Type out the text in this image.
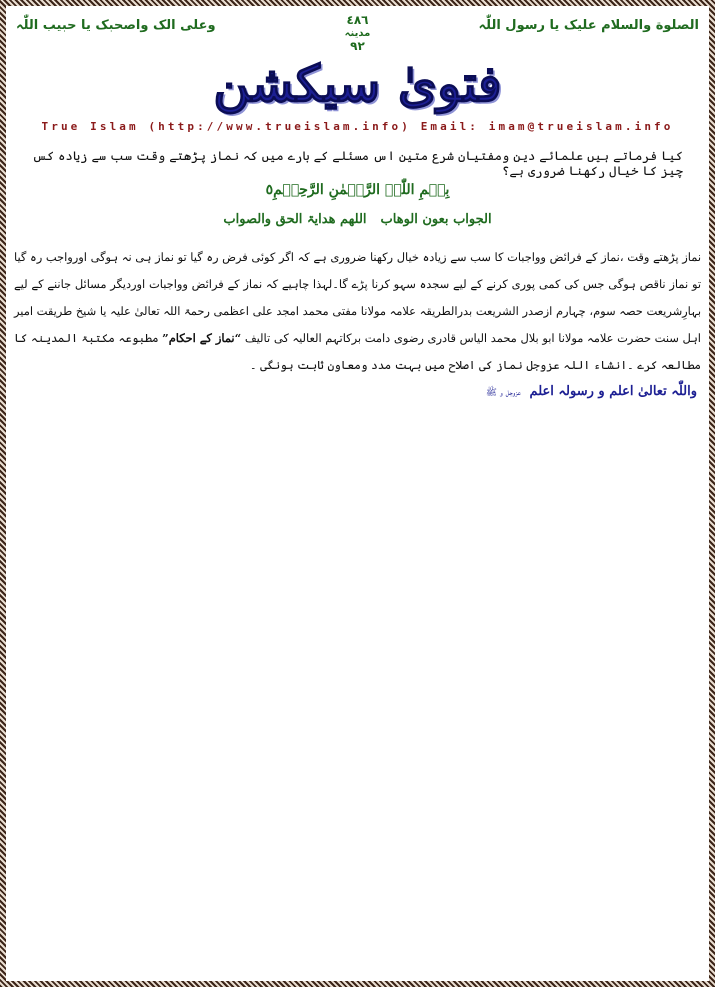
الصلوة والسلام علیک یا رسول اللّٰہ
٤٨٦
مدینہ
٩٢
وعلی الک واصحبک یا حبیب اللّٰہ
فتویٰ سیکشن
True Islam (http://www.trueislam.info) Email: imam@trueislam.info
کیا فرماتے ہیں علمائے دین ومفتیانِ شرع متین اس مسئلے کے بارے میں کہ نماز پڑھتے وقت سب سے زیادہ کس چیز کا خیال رکھنا ضروری ہے؟
بِسۡمِ اللّٰہِ الرَّحۡمٰنِ الرَّحِیۡمِ٥
الجواب بعون الوھاباللھم ھدایۃ الحق والصواب
نماز پڑھتے وقت ،نماز کے فرائض وواجبات کا سب سے زیادہ خیال رکھنا ضروری ہے کہ اگر کوئی فرض رہ گیا تو نماز ہی نہ ہوگی اورواجب رہ گیا تو نماز ناقص ہوگی جس کی کمی پوری کرنے کے لیے سجدہ سہو کرنا پڑے گا۔لہذا چاہیے کہ نماز کے فرائض وواجبات اوردیگر مسائل جاننے کے لیے بہارِشریعت حصہ سوم، چہارم ازصدر الشریعت بدرالطریقہ علامہ مولانا مفتی محمد امجد علی اعظمی رحمۃ اللہ تعالیٰ علیہ یا شیخ طریقت امیر اہل سنت حضرت علامہ مولانا ابو بلال محمد الیاس قادری رضوی دامت برکاتہم العالیہ کی تالیف “نماز کے احکام” مطبوعہ مکتبۃ المدینہ کا مطالعہ کرے ۔انشاء اللہ عزوجل نماز کی اصلاح میں بہت مدد ومعاون ثابت ہونگی ۔
واللّٰہ تعالیٰ اعلم و رسولہ اعلم عزوجل و ﷺ
